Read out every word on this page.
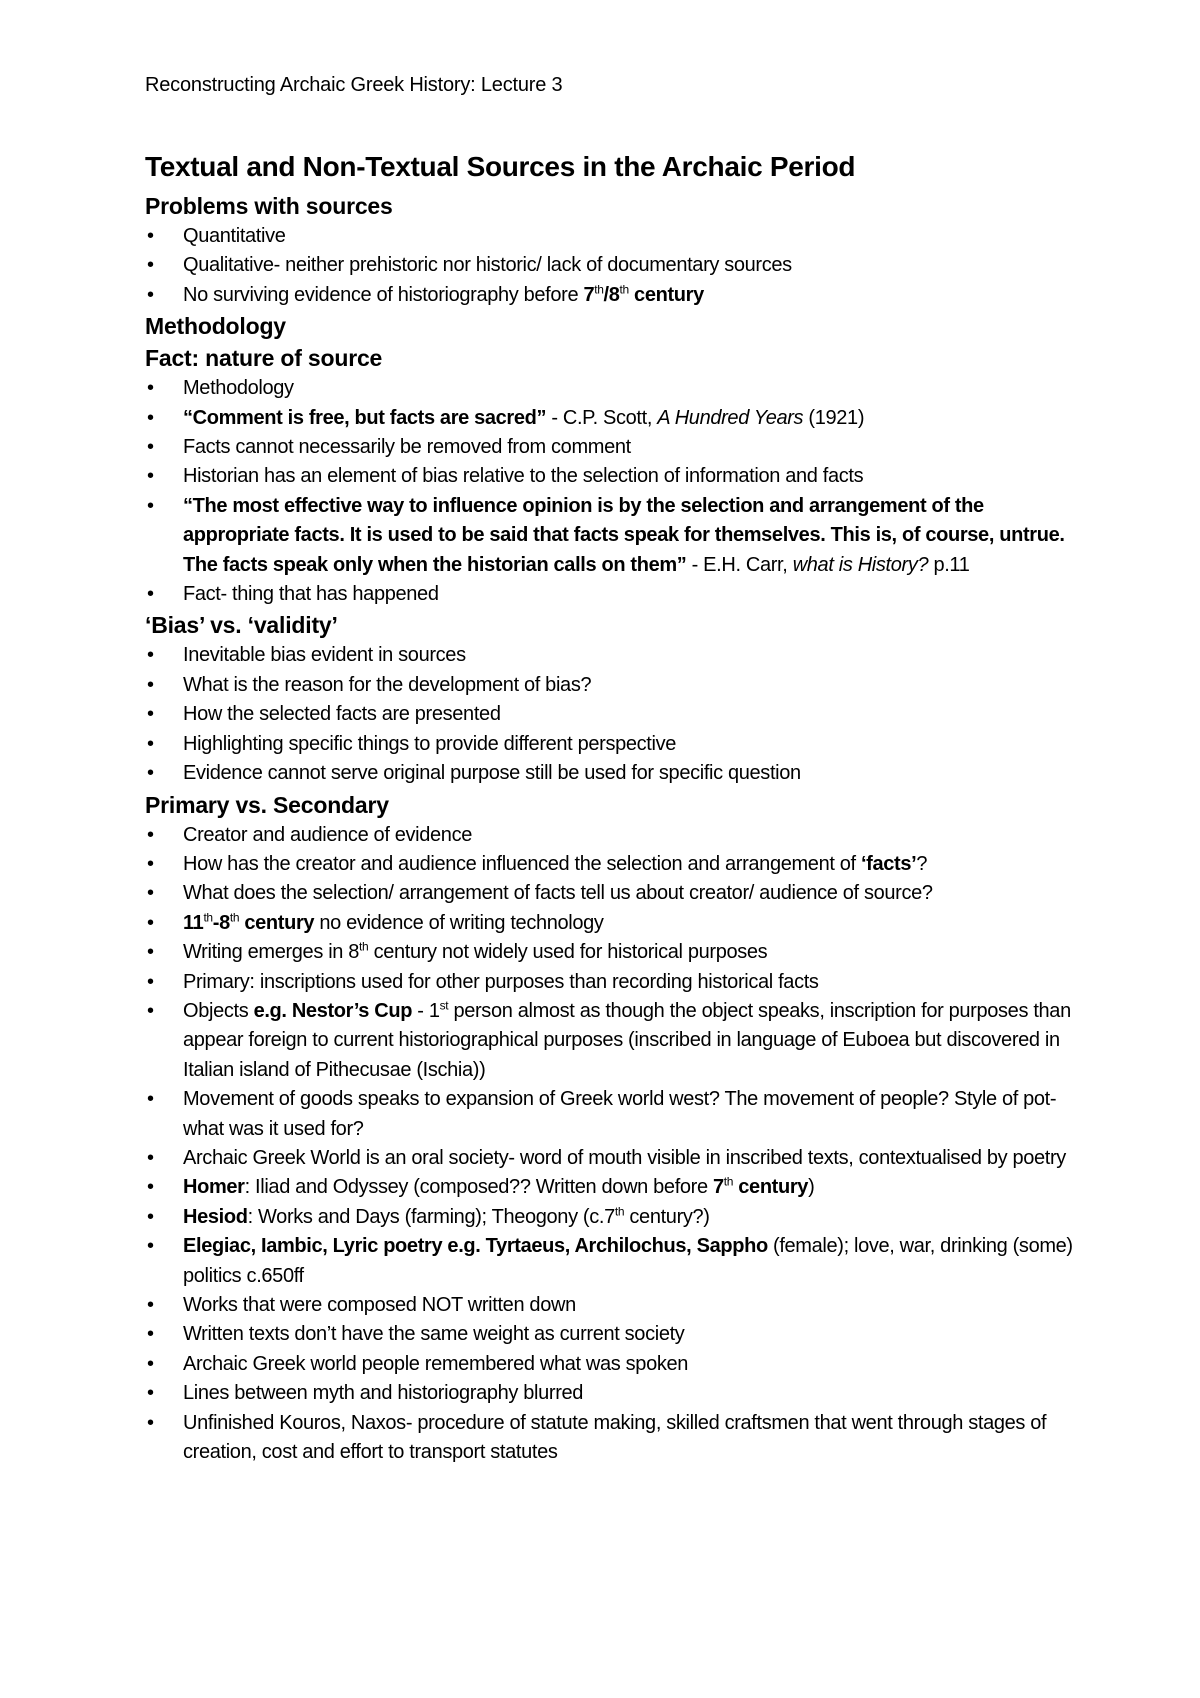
Reconstructing Archaic Greek History: Lecture 3
Textual and Non-Textual Sources in the Archaic Period
Problems with sources
• Quantitative
• Qualitative- neither prehistoric nor historic/ lack of documentary sources
• No surviving evidence of historiography before 7th/8th century
Methodology
Fact: nature of source
• Methodology
• “Comment is free, but facts are sacred” - C.P. Scott, A Hundred Years (1921)
• Facts cannot necessarily be removed from comment
• Historian has an element of bias relative to the selection of information and facts
• “The most effective way to influence opinion is by the selection and arrangement of the appropriate facts. It is used to be said that facts speak for themselves. This is, of course, untrue. The facts speak only when the historian calls on them” - E.H. Carr, what is History? p.11
• Fact- thing that has happened
‘Bias’ vs. ‘validity’
• Inevitable bias evident in sources
• What is the reason for the development of bias?
• How the selected facts are presented
• Highlighting specific things to provide different perspective
• Evidence cannot serve original purpose still be used for specific question
Primary vs. Secondary
• Creator and audience of evidence
• How has the creator and audience influenced the selection and arrangement of ‘facts’?
• What does the selection/ arrangement of facts tell us about creator/ audience of source?
• 11th-8th century no evidence of writing technology
• Writing emerges in 8th century not widely used for historical purposes
• Primary: inscriptions used for other purposes than recording historical facts
• Objects e.g. Nestor’s Cup - 1st person almost as though the object speaks, inscription for purposes than appear foreign to current historiographical purposes (inscribed in language of Euboea but discovered in Italian island of Pithecusae (Ischia))
• Movement of goods speaks to expansion of Greek world west? The movement of people? Style of pot- what was it used for?
• Archaic Greek World is an oral society- word of mouth visible in inscribed texts, contextualised by poetry
• Homer: Iliad and Odyssey (composed?? Written down before 7th century)
• Hesiod: Works and Days (farming); Theogony (c.7th century?)
• Elegiac, Iambic, Lyric poetry e.g. Tyrtaeus, Archilochus, Sappho (female); love, war, drinking (some) politics c.650ff
• Works that were composed NOT written down
• Written texts don’t have the same weight as current society
• Archaic Greek world people remembered what was spoken
• Lines between myth and historiography blurred
• Unfinished Kouros, Naxos- procedure of statute making, skilled craftsmen that went through stages of creation, cost and effort to transport statutes
